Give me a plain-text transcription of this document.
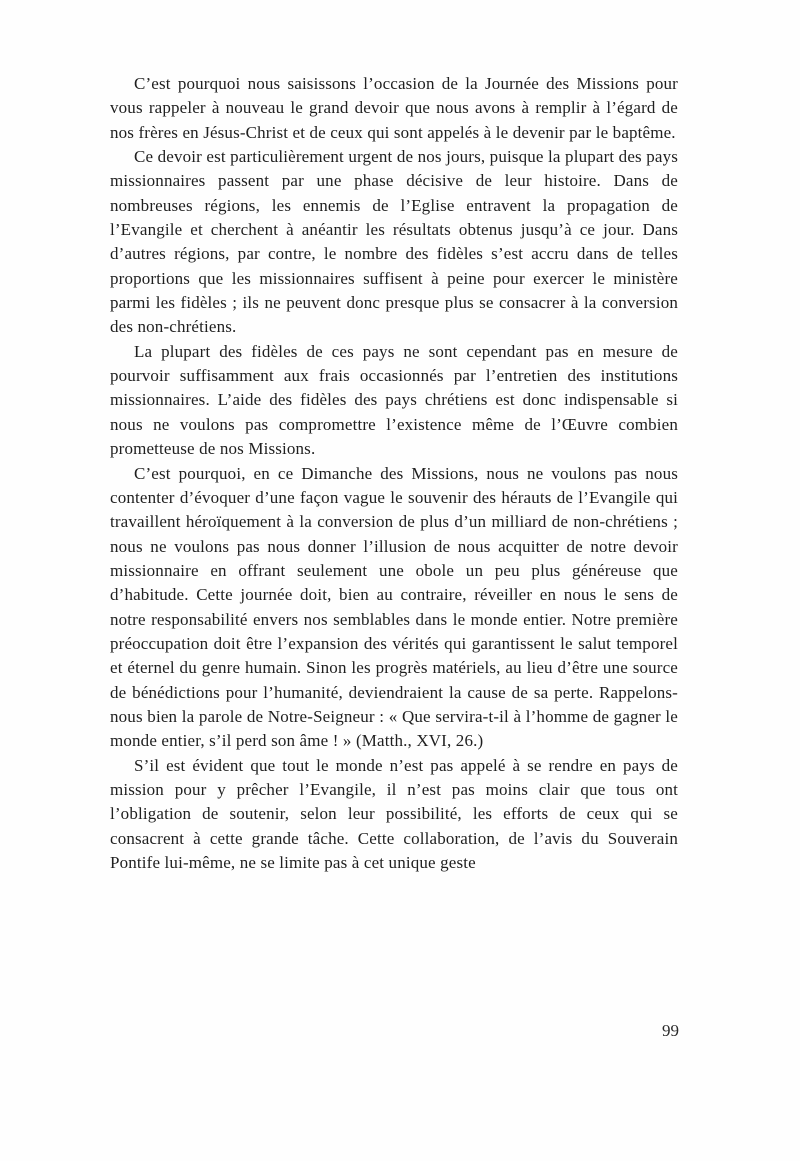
C’est pourquoi nous saisissons l’occasion de la Journée des Missions pour vous rappeler à nouveau le grand devoir que nous avons à remplir à l’égard de nos frères en Jésus-Christ et de ceux qui sont appelés à le devenir par le baptême.

Ce devoir est particulièrement urgent de nos jours, puisque la plupart des pays missionnaires passent par une phase décisive de leur histoire. Dans de nombreuses régions, les ennemis de l’Eglise entravent la propagation de l’Evangile et cherchent à anéantir les résultats obtenus jusqu’à ce jour. Dans d’autres régions, par contre, le nombre des fidèles s’est accru dans de telles proportions que les missionnaires suffisent à peine pour exercer le ministère parmi les fidèles ; ils ne peuvent donc presque plus se consacrer à la conversion des non-chrétiens.

La plupart des fidèles de ces pays ne sont cependant pas en mesure de pourvoir suffisamment aux frais occasionnés par l’entretien des institutions missionnaires. L’aide des fidèles des pays chrétiens est donc indispensable si nous ne voulons pas compromettre l’existence même de l’Œuvre combien prometteuse de nos Missions.

C’est pourquoi, en ce Dimanche des Missions, nous ne voulons pas nous contenter d’évoquer d’une façon vague le souvenir des hérauts de l’Evangile qui travaillent héroïquement à la conversion de plus d’un milliard de non-chrétiens ; nous ne voulons pas nous donner l’illusion de nous acquitter de notre devoir missionnaire en offrant seulement une obole un peu plus généreuse que d’habitude. Cette journée doit, bien au contraire, réveiller en nous le sens de notre responsabilité envers nos semblables dans le monde entier. Notre première préoccupation doit être l’expansion des vérités qui garantissent le salut temporel et éternel du genre humain. Sinon les progrès matériels, au lieu d’être une source de bénédictions pour l’humanité, deviendraient la cause de sa perte. Rappelons-nous bien la parole de Notre-Seigneur : « Que servira-t-il à l’homme de gagner le monde entier, s’il perd son âme ! » (Matth., XVI, 26.)

S’il est évident que tout le monde n’est pas appelé à se rendre en pays de mission pour y prêcher l’Evangile, il n’est pas moins clair que tous ont l’obligation de soutenir, selon leur possibilité, les efforts de ceux qui se consacrent à cette grande tâche. Cette collaboration, de l’avis du Souverain Pontife lui-même, ne se limite pas à cet unique geste

99
